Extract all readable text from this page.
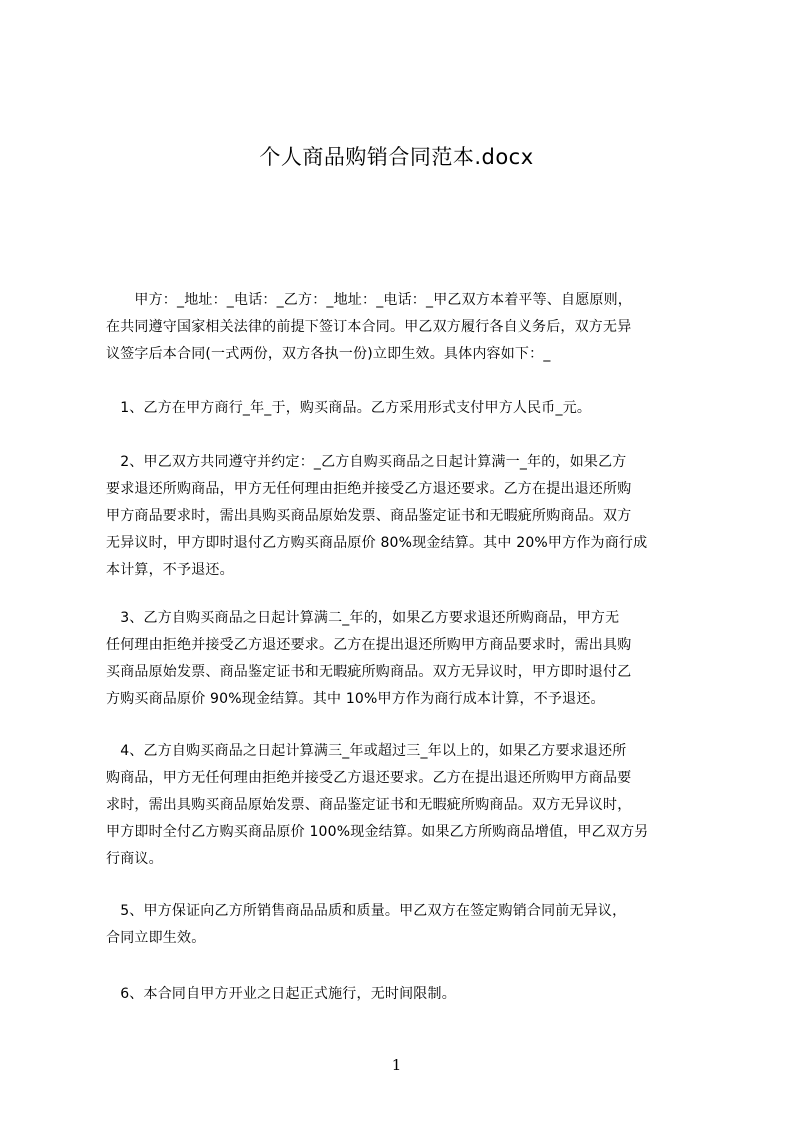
个人商品购销合同范本.docx
　　甲方：_地址：_电话：_乙方：_地址：_电话：_甲乙双方本着平等、自愿原则，
在共同遵守国家相关法律的前提下签订本合同。甲乙双方履行各自义务后，双方无异
议签字后本合同(一式两份，双方各执一份)立即生效。具体内容如下：_
　1、乙方在甲方商行_年_于，购买商品。乙方采用形式支付甲方人民币_元。
　2、甲乙双方共同遵守并约定：_乙方自购买商品之日起计算满一_年的，如果乙方
要求退还所购商品，甲方无任何理由拒绝并接受乙方退还要求。乙方在提出退还所购
甲方商品要求时，需出具购买商品原始发票、商品鉴定证书和无暇疵所购商品。双方
无异议时，甲方即时退付乙方购买商品原价 80%现金结算。其中 20%甲方作为商行成
本计算，不予退还。
　3、乙方自购买商品之日起计算满二_年的，如果乙方要求退还所购商品，甲方无
任何理由拒绝并接受乙方退还要求。乙方在提出退还所购甲方商品要求时，需出具购
买商品原始发票、商品鉴定证书和无暇疵所购商品。双方无异议时，甲方即时退付乙
方购买商品原价 90%现金结算。其中 10%甲方作为商行成本计算，不予退还。
　4、乙方自购买商品之日起计算满三_年或超过三_年以上的，如果乙方要求退还所
购商品，甲方无任何理由拒绝并接受乙方退还要求。乙方在提出退还所购甲方商品要
求时，需出具购买商品原始发票、商品鉴定证书和无暇疵所购商品。双方无异议时，
甲方即时全付乙方购买商品原价 100%现金结算。如果乙方所购商品增值，甲乙双方另
行商议。
　5、甲方保证向乙方所销售商品品质和质量。甲乙双方在签定购销合同前无异议，
合同立即生效。
　6、本合同自甲方开业之日起正式施行，无时间限制。
1
